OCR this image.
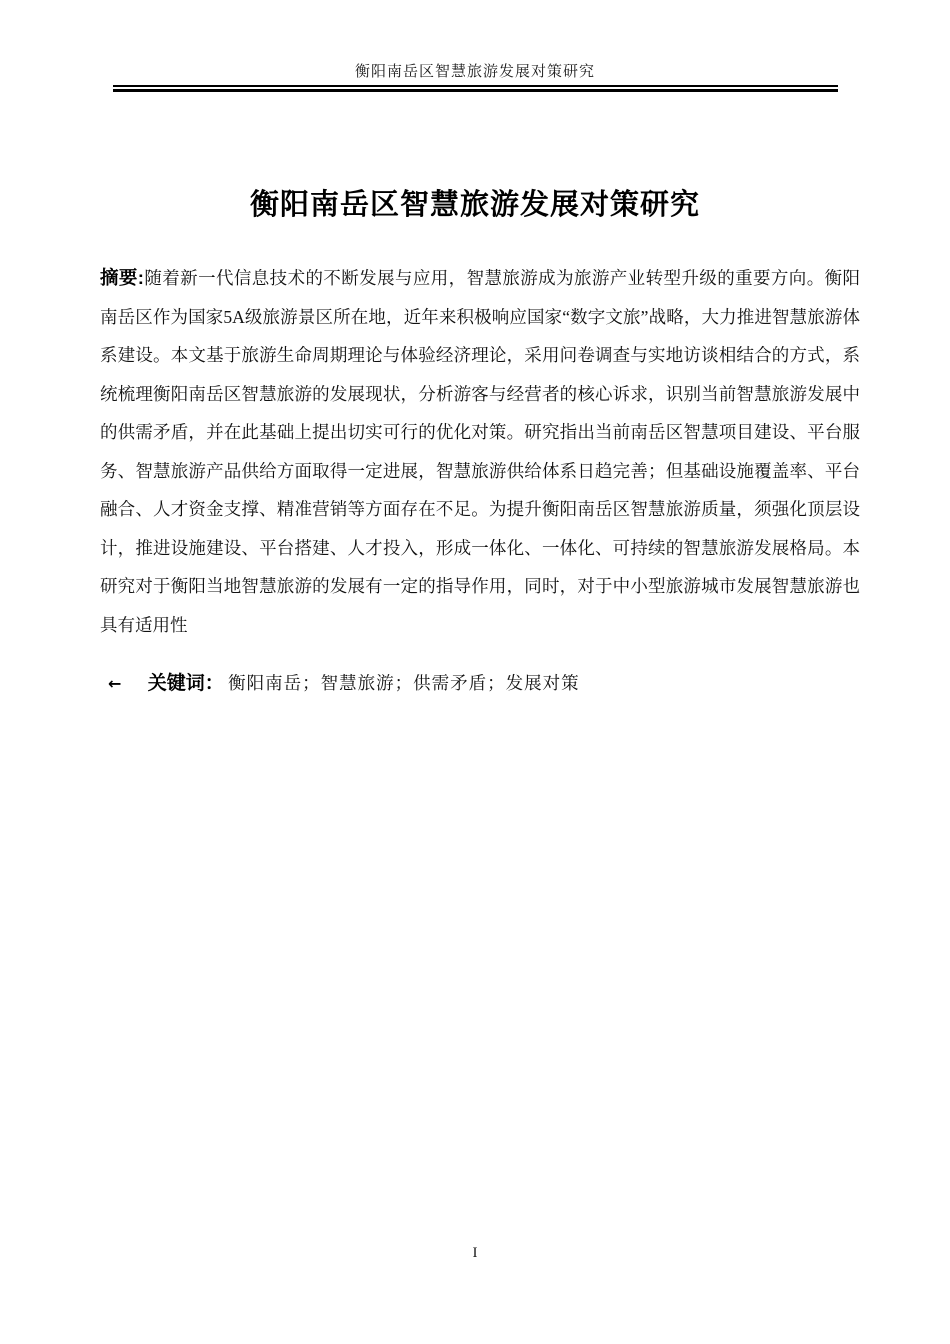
衡阳南岳区智慧旅游发展对策研究
衡阳南岳区智慧旅游发展对策研究

摘要:随着新一代信息技术的不断发展与应用，智慧旅游成为旅游产业转型升级的重要方向。衡阳南岳区作为国家5A级旅游景区所在地，近年来积极响应国家“数字文旅”战略，大力推进智慧旅游体系建设。本文基于旅游生命周期理论与体验经济理论，采用问卷调查与实地访谈相结合的方式，系统梳理衡阳南岳区智慧旅游的发展现状，分析游客与经营者的核心诉求，识别当前智慧旅游发展中的供需矛盾，并在此基础上提出切实可行的优化对策。研究指出当前南岳区智慧项目建设、平台服务、智慧旅游产品供给方面取得一定进展，智慧旅游供给体系日趋完善；但基础设施覆盖率、平台融合、人才资金支撑、精准营销等方面存在不足。为提升衡阳南岳区智慧旅游质量，须强化顶层设计，推进设施建设、平台搭建、人才投入，形成一体化、一体化、可持续的智慧旅游发展格局。本研究对于衡阳当地智慧旅游的发展有一定的指导作用，同时，对于中小型旅游城市发展智慧旅游也具有适用性

← 关键词： 衡阳南岳；智慧旅游；供需矛盾；发展对策
I
